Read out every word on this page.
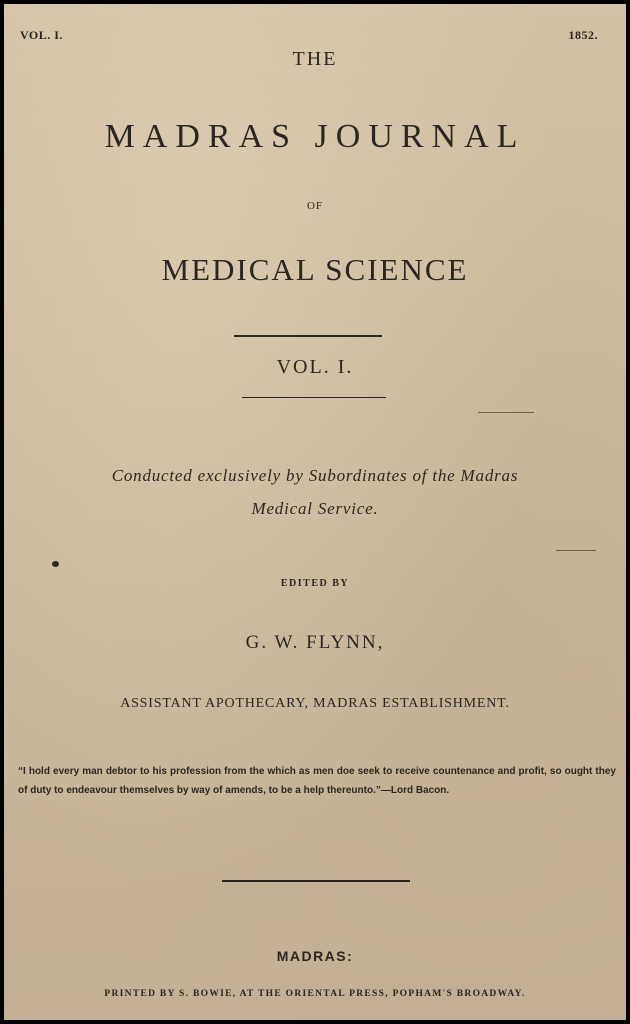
VOL. I.	1852.
THE
MADRAS JOURNAL
OF
MEDICAL SCIENCE
VOL. I.
Conducted exclusively by Subordinates of the Madras
Medical Service.
EDITED BY
G. W. FLYNN,
ASSISTANT APOTHECARY, MADRAS ESTABLISHMENT.
“I hold every man debtor to his profession from the which as men doe seek to receive countenance and profit, so ought they of duty to endeavour themselves by way of amends, to be a help thereunto.”—Lord Bacon.
MADRAS:
PRINTED BY S. BOWIE, AT THE ORIENTAL PRESS, POPHAM'S BROADWAY.
